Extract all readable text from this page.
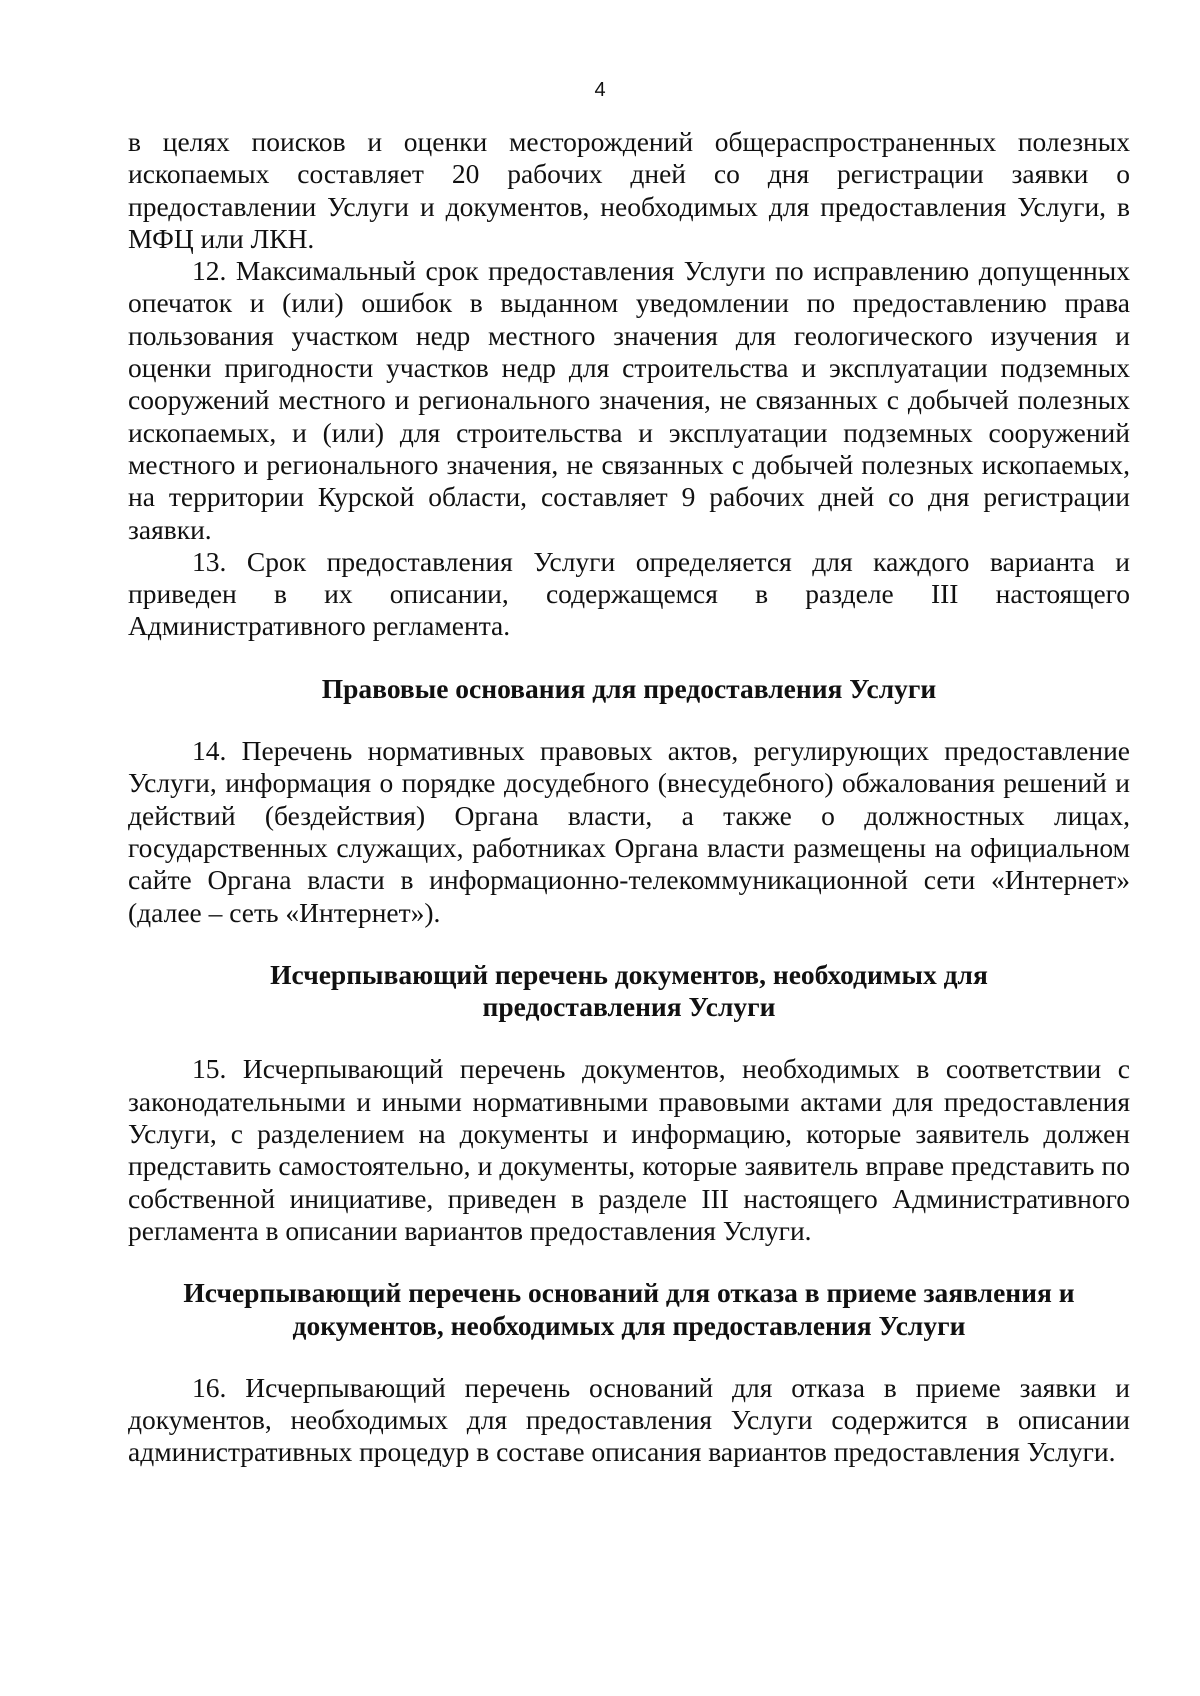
4

в целях поисков и оценки месторождений общераспространенных полезных ископаемых составляет 20 рабочих дней со дня регистрации заявки о предоставлении Услуги и документов, необходимых для предоставления Услуги, в МФЦ или ЛКН.

12. Максимальный срок предоставления Услуги по исправлению допущенных опечаток и (или) ошибок в выданном уведомлении по предоставлению права пользования участком недр местного значения для геологического изучения и оценки пригодности участков недр для строительства и эксплуатации подземных сооружений местного и регионального значения, не связанных с добычей полезных ископаемых, и (или) для строительства и эксплуатации подземных сооружений местного и регионального значения, не связанных с добычей полезных ископаемых, на территории Курской области, составляет 9 рабочих дней со дня регистрации заявки.

13. Срок предоставления Услуги определяется для каждого варианта и приведен в их описании, содержащемся в разделе III настоящего Административного регламента.

Правовые основания для предоставления Услуги

14. Перечень нормативных правовых актов, регулирующих предоставление Услуги, информация о порядке досудебного (внесудебного) обжалования решений и действий (бездействия) Органа власти, а также о должностных лицах, государственных служащих, работниках Органа власти размещены на официальном сайте Органа власти в информационно-телекоммуникационной сети «Интернет» (далее – сеть «Интернет»).

Исчерпывающий перечень документов, необходимых для
предоставления Услуги

15. Исчерпывающий перечень документов, необходимых в соответствии с законодательными и иными нормативными правовыми актами для предоставления Услуги, с разделением на документы и информацию, которые заявитель должен представить самостоятельно, и документы, которые заявитель вправе представить по собственной инициативе, приведен в разделе III настоящего Административного регламента в описании вариантов предоставления Услуги.

Исчерпывающий перечень оснований для отказа в приеме заявления и
документов, необходимых для предоставления Услуги

16. Исчерпывающий перечень оснований для отказа в приеме заявки и документов, необходимых для предоставления Услуги содержится в описании административных процедур в составе описания вариантов предоставления Услуги.
